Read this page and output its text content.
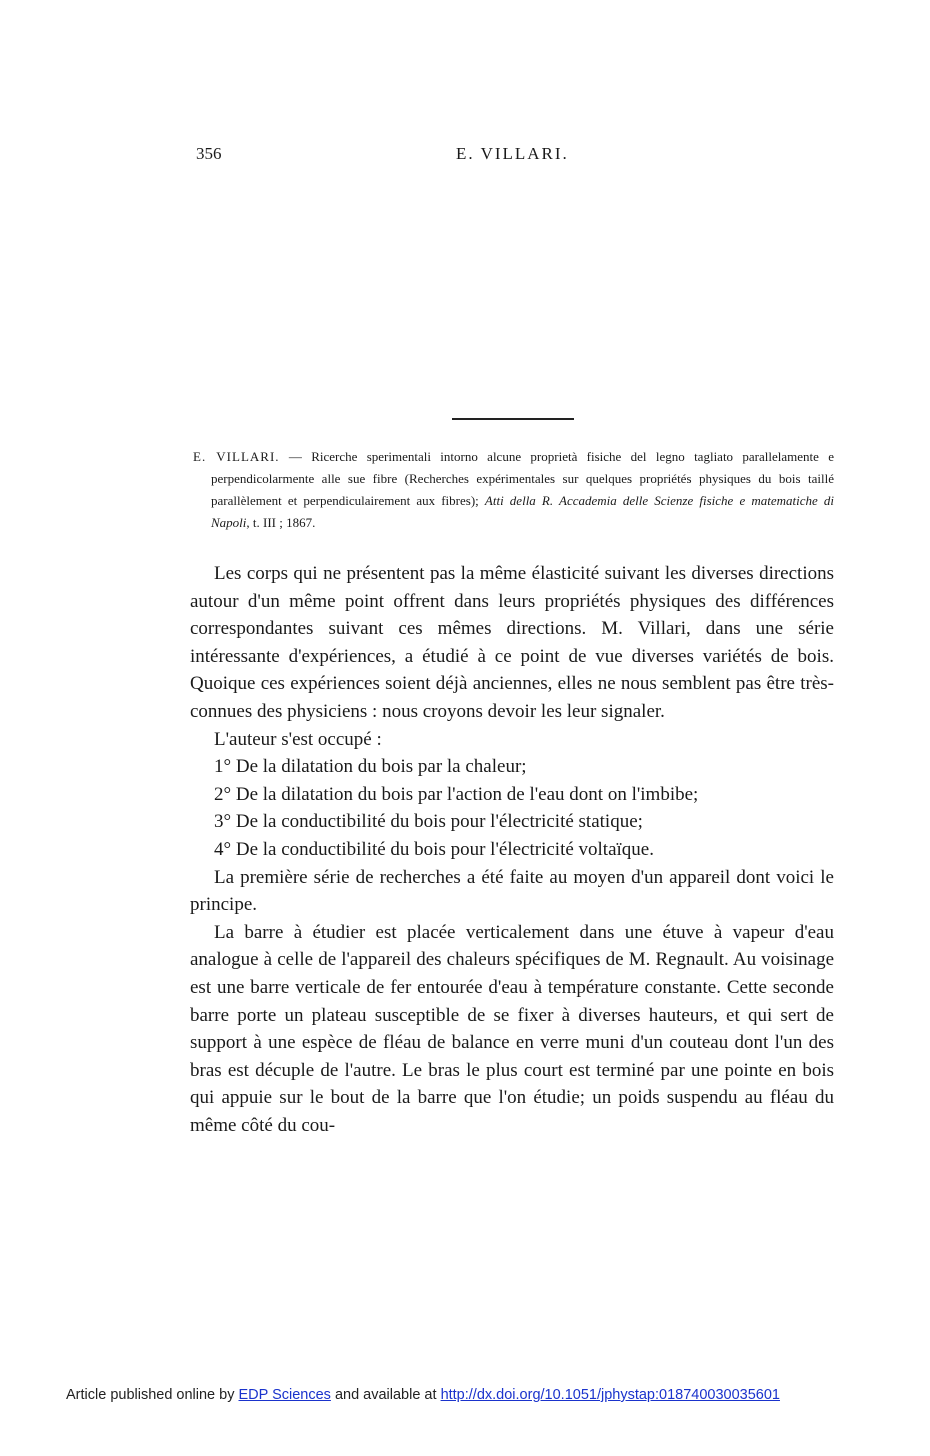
356	E. VILLARI.
E. VILLARI. — Ricerche sperimentali intorno alcune proprietà fisiche del legno tagliato parallelamente e perpendicolarmente alle sue fibre (Recherches expérimentales sur quelques propriétés physiques du bois taillé parallèlement et perpendiculairement aux fibres); Atti della R. Accademia delle Scienze fisiche e matematiche di Napoli, t. III ; 1867.

Les corps qui ne présentent pas la même élasticité suivant les diverses directions autour d'un même point offrent dans leurs propriétés physiques des différences correspondantes suivant ces mêmes directions. M. Villari, dans une série intéressante d'expériences, a étudié à ce point de vue diverses variétés de bois. Quoique ces expériences soient déjà anciennes, elles ne nous semblent pas être très-connues des physiciens : nous croyons devoir les leur signaler.

L'auteur s'est occupé :

1° De la dilatation du bois par la chaleur;

2° De la dilatation du bois par l'action de l'eau dont on l'imbibe;

3° De la conductibilité du bois pour l'électricité statique;

4° De la conductibilité du bois pour l'électricité voltaïque.

La première série de recherches a été faite au moyen d'un appareil dont voici le principe.

La barre à étudier est placée verticalement dans une étuve à vapeur d'eau analogue à celle de l'appareil des chaleurs spécifiques de M. Regnault. Au voisinage est une barre verticale de fer entourée d'eau à température constante. Cette seconde barre porte un plateau susceptible de se fixer à diverses hauteurs, et qui sert de support à une espèce de fléau de balance en verre muni d'un couteau dont l'un des bras est décuple de l'autre. Le bras le plus court est terminé par une pointe en bois qui appuie sur le bout de la barre que l'on étudie; un poids suspendu au fléau du même côté du cou-

Article published online by EDP Sciences and available at http://dx.doi.org/10.1051/jphystap:018740030035601
